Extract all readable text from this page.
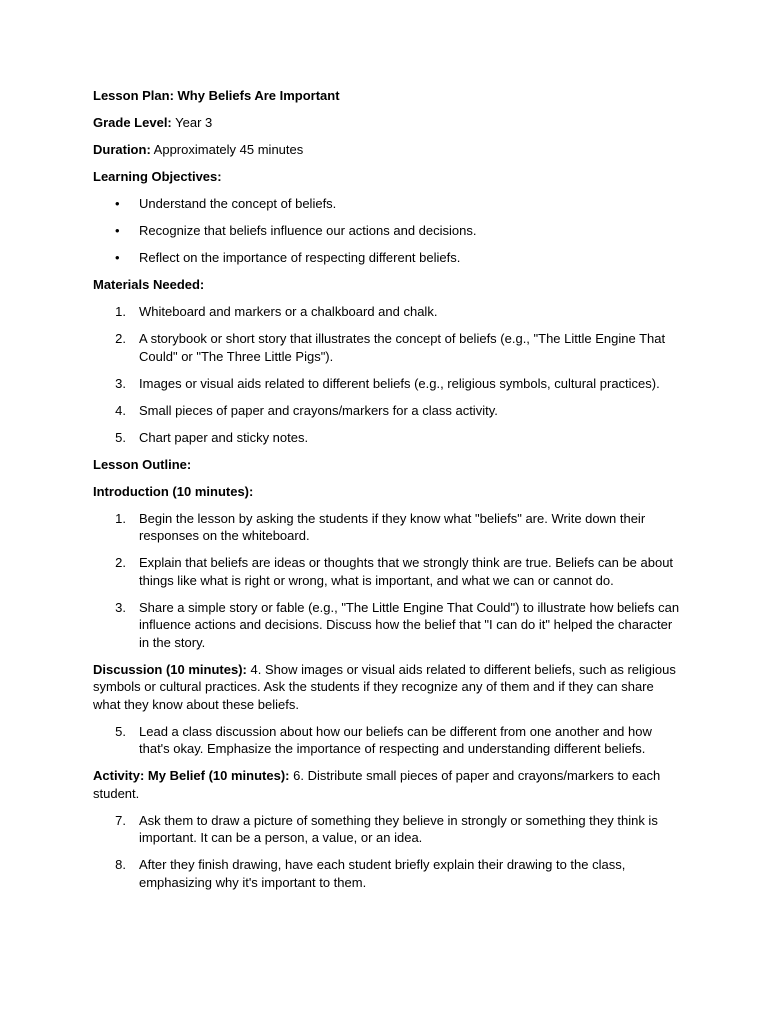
Lesson Plan: Why Beliefs Are Important

Grade Level: Year 3

Duration: Approximately 45 minutes

Learning Objectives:

•	Understand the concept of beliefs.
•	Recognize that beliefs influence our actions and decisions.
•	Reflect on the importance of respecting different beliefs.

Materials Needed:

1. Whiteboard and markers or a chalkboard and chalk.
2. A storybook or short story that illustrates the concept of beliefs (e.g., "The Little Engine That Could" or "The Three Little Pigs").
3. Images or visual aids related to different beliefs (e.g., religious symbols, cultural practices).
4. Small pieces of paper and crayons/markers for a class activity.
5. Chart paper and sticky notes.

Lesson Outline:

Introduction (10 minutes):

1. Begin the lesson by asking the students if they know what "beliefs" are. Write down their responses on the whiteboard.
2. Explain that beliefs are ideas or thoughts that we strongly think are true. Beliefs can be about things like what is right or wrong, what is important, and what we can or cannot do.
3. Share a simple story or fable (e.g., "The Little Engine That Could") to illustrate how beliefs can influence actions and decisions. Discuss how the belief that "I can do it" helped the character in the story.

Discussion (10 minutes): 4. Show images or visual aids related to different beliefs, such as religious symbols or cultural practices. Ask the students if they recognize any of them and if they can share what they know about these beliefs.

5. Lead a class discussion about how our beliefs can be different from one another and how that's okay. Emphasize the importance of respecting and understanding different beliefs.

Activity: My Belief (10 minutes): 6. Distribute small pieces of paper and crayons/markers to each student.

7. Ask them to draw a picture of something they believe in strongly or something they think is important. It can be a person, a value, or an idea.
8. After they finish drawing, have each student briefly explain their drawing to the class, emphasizing why it's important to them.
